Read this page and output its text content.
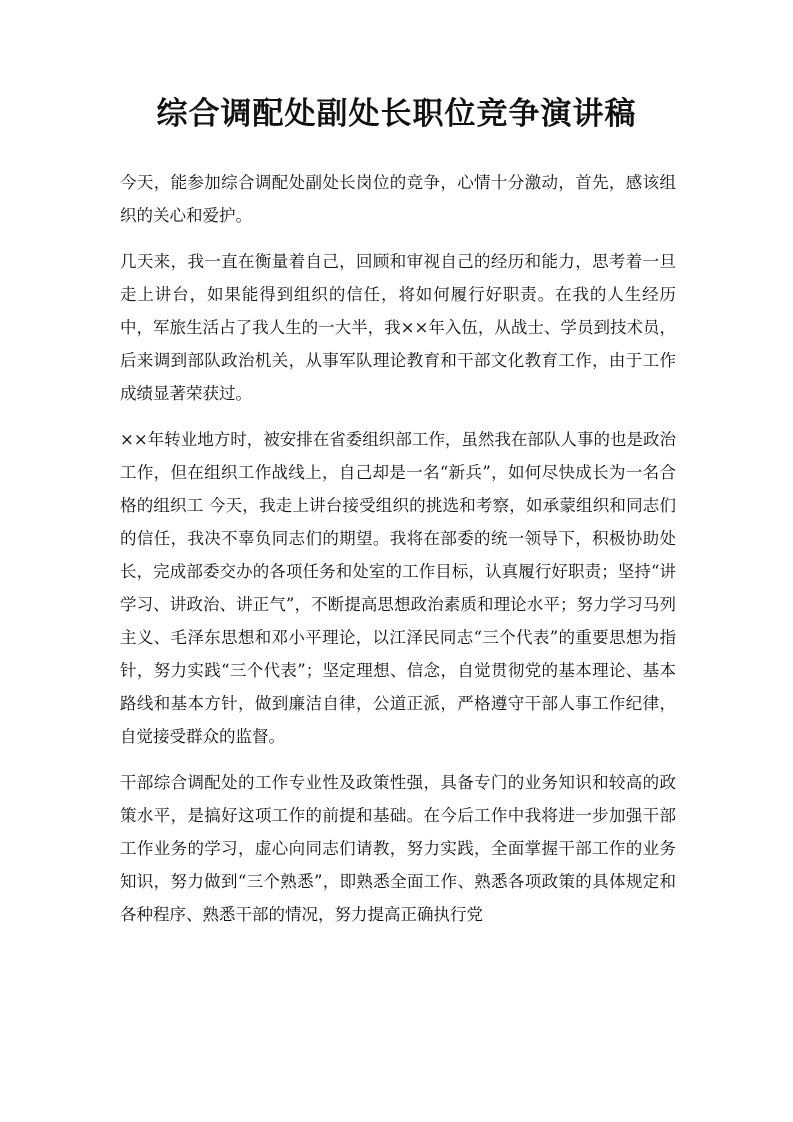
综合调配处副处长职位竞争演讲稿

今天，能参加综合调配处副处长岗位的竞争，心情十分激动，首先，感该组织的关心和爱护。

几天来，我一直在衡量着自己，回顾和审视自己的经历和能力，思考着一旦走上讲台，如果能得到组织的信任，将如何履行好职责。在我的人生经历中，军旅生活占了我人生的一大半，我××年入伍，从战士、学员到技术员，后来调到部队政治机关，从事军队理论教育和干部文化教育工作，由于工作成绩显著荣获过。

××年转业地方时，被安排在省委组织部工作，虽然我在部队人事的也是政治工作，但在组织工作战线上，自己却是一名“新兵”，如何尽快成长为一名合格的组织工 今天，我走上讲台接受组织的挑选和考察，如承蒙组织和同志们的信任，我决不辜负同志们的期望。我将在部委的统一领导下，积极协助处长，完成部委交办的各项任务和处室的工作目标，认真履行好职责；坚持“讲学习、讲政治、讲正气”，不断提高思想政治素质和理论水平；努力学习马列主义、毛泽东思想和邓小平理论，以江泽民同志“三个代表”的重要思想为指针，努力实践“三个代表”；坚定理想、信念，自觉贯彻党的基本理论、基本路线和基本方针，做到廉洁自律，公道正派，严格遵守干部人事工作纪律，自觉接受群众的监督。

干部综合调配处的工作专业性及政策性强，具备专门的业务知识和较高的政策水平，是搞好这项工作的前提和基础。在今后工作中我将进一步加强干部工作业务的学习，虚心向同志们请教，努力实践，全面掌握干部工作的业务知识，努力做到“三个熟悉”，即熟悉全面工作、熟悉各项政策的具体规定和各种程序、熟悉干部的情况，努力提高正确执行党
